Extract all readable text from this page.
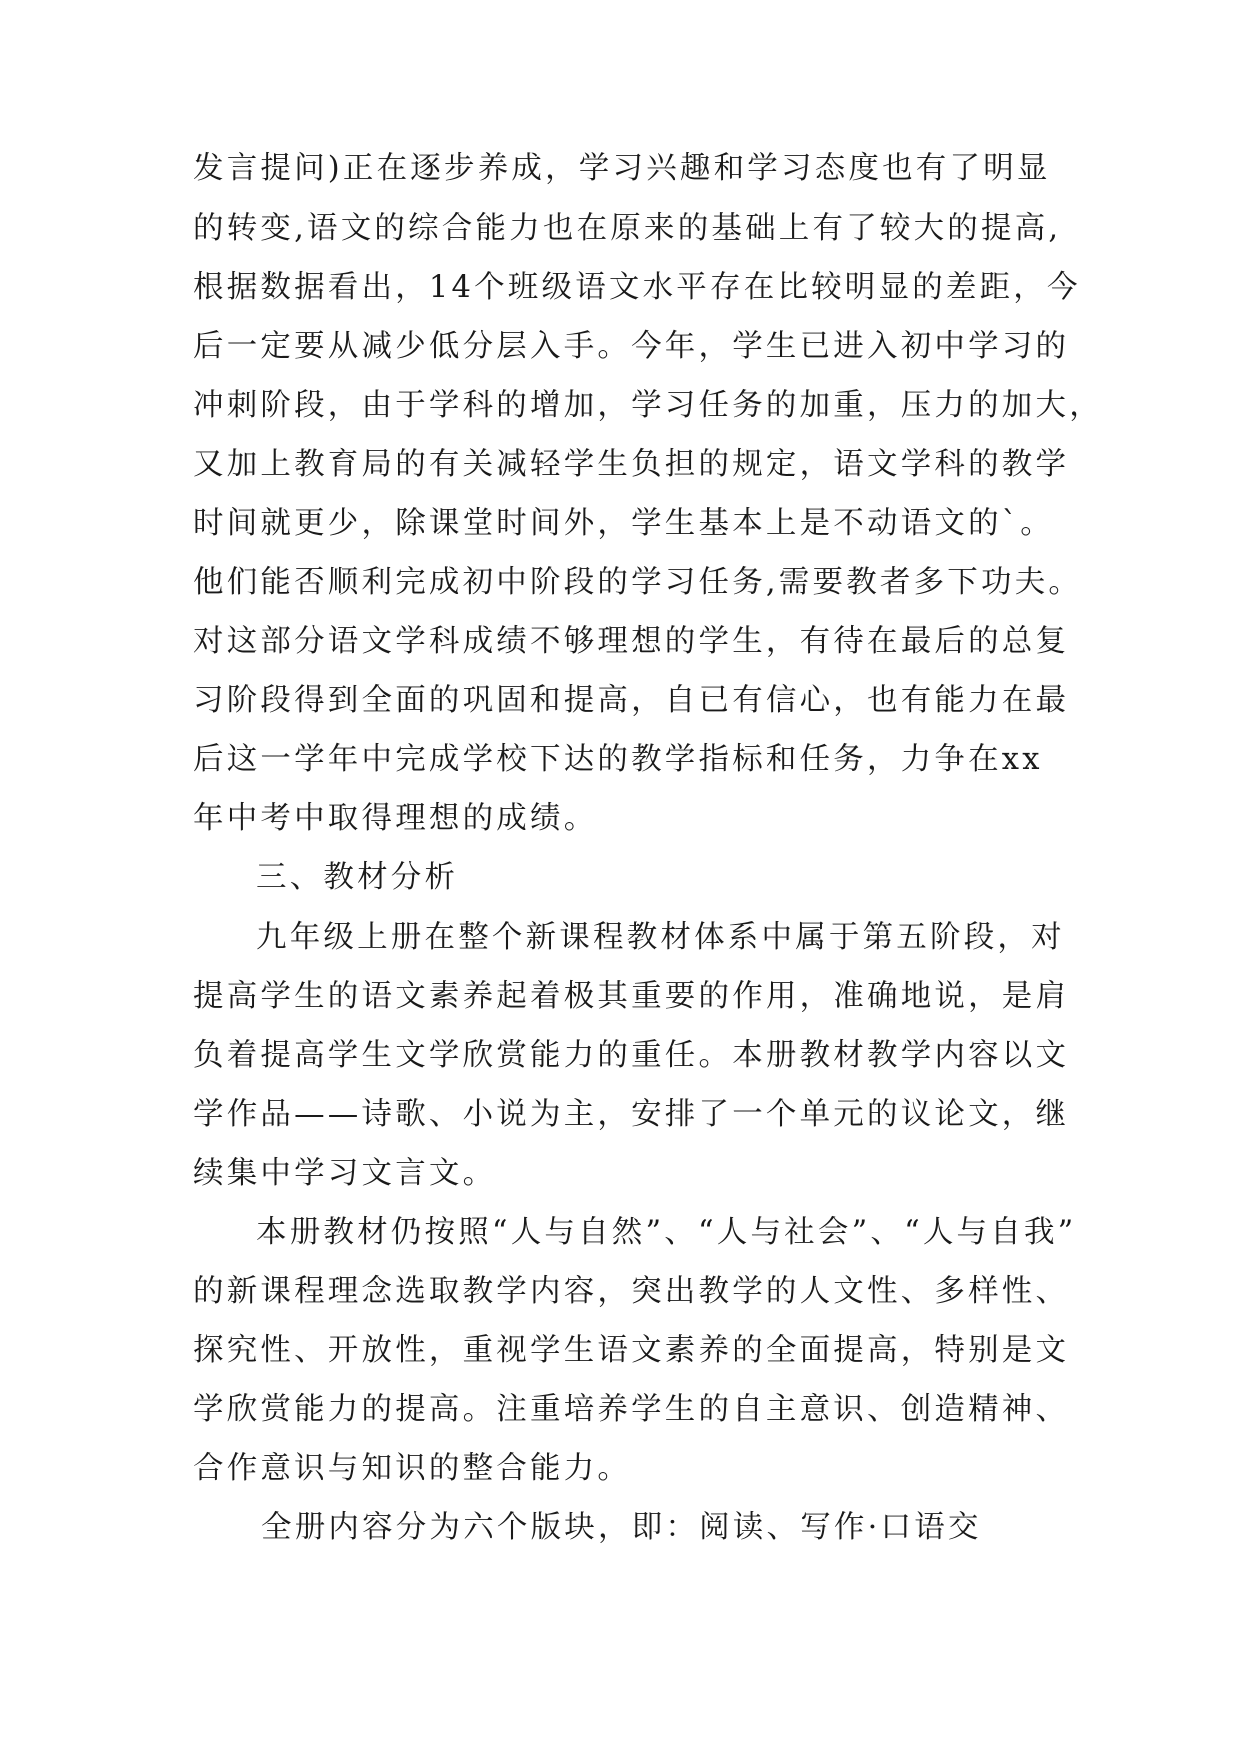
发言提问)正在逐步养成，学习兴趣和学习态度也有了明显
的转变,语文的综合能力也在原来的基础上有了较大的提高,
根据数据看出，14个班级语文水平存在比较明显的差距，今
后一定要从减少低分层入手。今年，学生已进入初中学习的
冲刺阶段，由于学科的增加，学习任务的加重，压力的加大，
又加上教育局的有关减轻学生负担的规定，语文学科的教学
时间就更少，除课堂时间外，学生基本上是不动语文的`。
他们能否顺利完成初中阶段的学习任务,需要教者多下功夫。
对这部分语文学科成绩不够理想的学生，有待在最后的总复
习阶段得到全面的巩固和提高，自已有信心，也有能力在最
后这一学年中完成学校下达的教学指标和任务，力争在xx
年中考中取得理想的成绩。
三、教材分析
九年级上册在整个新课程教材体系中属于第五阶段，对
提高学生的语文素养起着极其重要的作用，准确地说，是肩
负着提高学生文学欣赏能力的重任。本册教材教学内容以文
学作品——诗歌、小说为主，安排了一个单元的议论文，继
续集中学习文言文。
本册教材仍按照“人与自然”、“人与社会”、“人与自我”
的新课程理念选取教学内容，突出教学的人文性、多样性、
探究性、开放性，重视学生语文素养的全面提高，特别是文
学欣赏能力的提高。注重培养学生的自主意识、创造精神、
合作意识与知识的整合能力。
全册内容分为六个版块，即：阅读、写作·口语交
